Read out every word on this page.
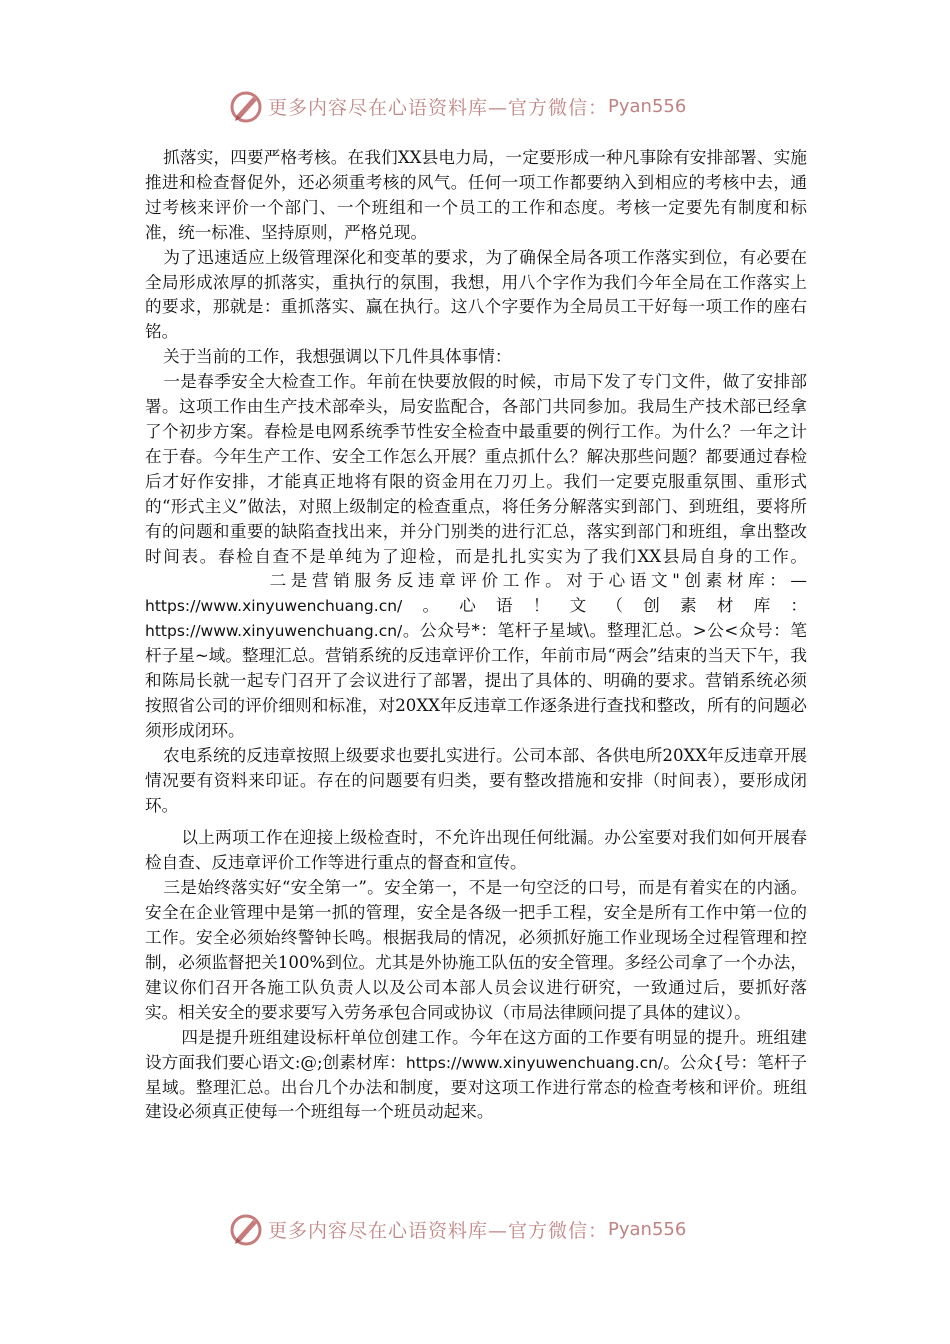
更多内容尽在心语资料库—官方微信： Pyan556

抓落实，四要严格考核。在我们XX县电力局，一定要形成一种凡事除有安排部署、实施推进和检查督促外，还必须重考核的风气。任何一项工作都要纳入到相应的考核中去，通过考核来评价一个部门、一个班组和一个员工的工作和态度。考核一定要先有制度和标准，统一标准、坚持原则，严格兑现。

为了迅速适应上级管理深化和变革的要求，为了确保全局各项工作落实到位，有必要在全局形成浓厚的抓落实，重执行的氛围，我想，用八个字作为我们今年全局在工作落实上的要求，那就是：重抓落实、赢在执行。这八个字要作为全局员工干好每一项工作的座右铭。

关于当前的工作，我想强调以下几件具体事情：

一是春季安全大检查工作。年前在快要放假的时候，市局下发了专门文件，做了安排部署。这项工作由生产技术部牵头，局安监配合，各部门共同参加。我局生产技术部已经拿了个初步方案。春检是电网系统季节性安全检查中最重要的例行工作。为什么？一年之计在于春。今年生产工作、安全工作怎么开展？重点抓什么？解决那些问题？都要通过春检后才好作安排，才能真正地将有限的资金用在刀刃上。我们一定要克服重氛围、重形式的“形式主义”做法，对照上级制定的检查重点，将任务分解落实到部门、到班组，要将所有的问题和重要的缺陷查找出来，并分门别类的进行汇总，落实到部门和班组，拿出整改时间表。春检自查不是单纯为了迎检，而是扎扎实实为了我们XX县局自身的工作。二是营销服务反违章评价工作。对于心语文"创素材库：—https://www.xinyuwenchuang.cn/。心语！文（创素材库：https://www.xinyuwenchuang.cn/。公众号*：笔杆子星域\。整理汇总。>公<众号：笔杆子星~域。整理汇总。营销系统的反违章评价工作，年前市局“两会”结束的当天下午，我和陈局长就一起专门召开了会议进行了部署，提出了具体的、明确的要求。营销系统必须按照省公司的评价细则和标准，对20XX年反违章工作逐条进行查找和整改，所有的问题必须形成闭环。

农电系统的反违章按照上级要求也要扎实进行。公司本部、各供电所20XX年反违章开展情况要有资料来印证。存在的问题要有归类，要有整改措施和安排（时间表），要形成闭环。

以上两项工作在迎接上级检查时，不允许出现任何纰漏。办公室要对我们如何开展春检自查、反违章评价工作等进行重点的督查和宣传。

三是始终落实好“安全第一”。安全第一，不是一句空泛的口号，而是有着实在的内涵。安全在企业管理中是第一抓的管理，安全是各级一把手工程，安全是所有工作中第一位的工作。安全必须始终警钟长鸣。根据我局的情况，必须抓好施工作业现场全过程管理和控制，必须监督把关100%到位。尤其是外协施工队伍的安全管理。多经公司拿了一个办法，建议你们召开各施工队负责人以及公司本部人员会议进行研究，一致通过后，要抓好落实。相关安全的要求要写入劳务承包合同或协议（市局法律顾问提了具体的建议）。

四是提升班组建设标杆单位创建工作。今年在这方面的工作要有明显的提升。班组建设方面我们要心语文:@;创素材库：https://www.xinyuwenchuang.cn/。公众{号：笔杆子星域。整理汇总。出台几个办法和制度，要对这项工作进行常态的检查考核和评价。班组建设必须真正使每一个班组每一个班员动起来。

更多内容尽在心语资料库—官方微信： Pyan556
